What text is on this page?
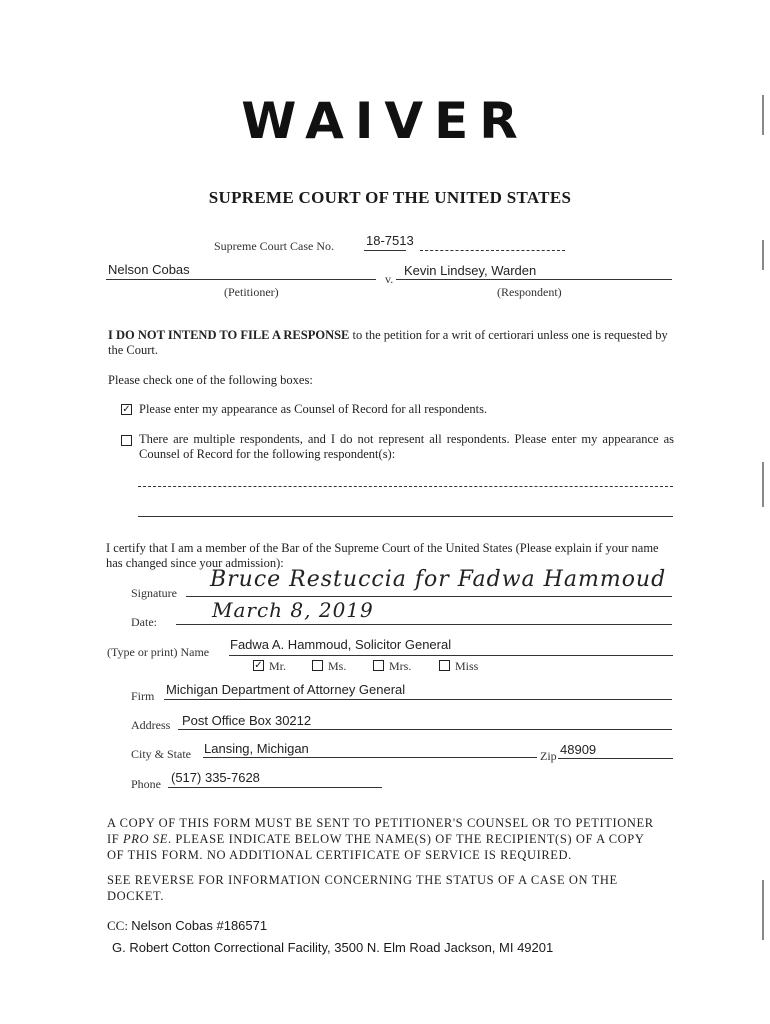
WAIVER
SUPREME COURT OF THE UNITED STATES
Supreme Court Case No. 18-7513
Nelson Cobas
v.
Kevin Lindsey, Warden
(Petitioner)	(Respondent)
I DO NOT INTEND TO FILE A RESPONSE to the petition for a writ of certiorari unless one is requested by the Court.
Please check one of the following boxes:
✓ Please enter my appearance as Counsel of Record for all respondents.
There are multiple respondents, and I do not represent all respondents. Please enter my appearance as Counsel of Record for the following respondent(s):
I certify that I am a member of the Bar of the Supreme Court of the United States (Please explain if your name has changed since your admission):
Signature
Bruce Restuccia for Fadwa Hammoud
Date:	March 8, 2019
(Type or print) Name Fadwa A. Hammoud, Solicitor General
✓ Mr.	Ms.	Mrs.	Miss
Firm Michigan Department of Attorney General
Address Post Office Box 30212
City & State Lansing, Michigan	Zip 48909
Phone (517) 335-7628
A COPY OF THIS FORM MUST BE SENT TO PETITIONER'S COUNSEL OR TO PETITIONER
IF PRO SE. PLEASE INDICATE BELOW THE NAME(S) OF THE RECIPIENT(S) OF A COPY
OF THIS FORM. NO ADDITIONAL CERTIFICATE OF SERVICE IS REQUIRED.
SEE REVERSE FOR INFORMATION CONCERNING THE STATUS OF A CASE ON THE
DOCKET.
CC: Nelson Cobas #186571
G. Robert Cotton Correctional Facility, 3500 N. Elm Road Jackson, MI 49201
